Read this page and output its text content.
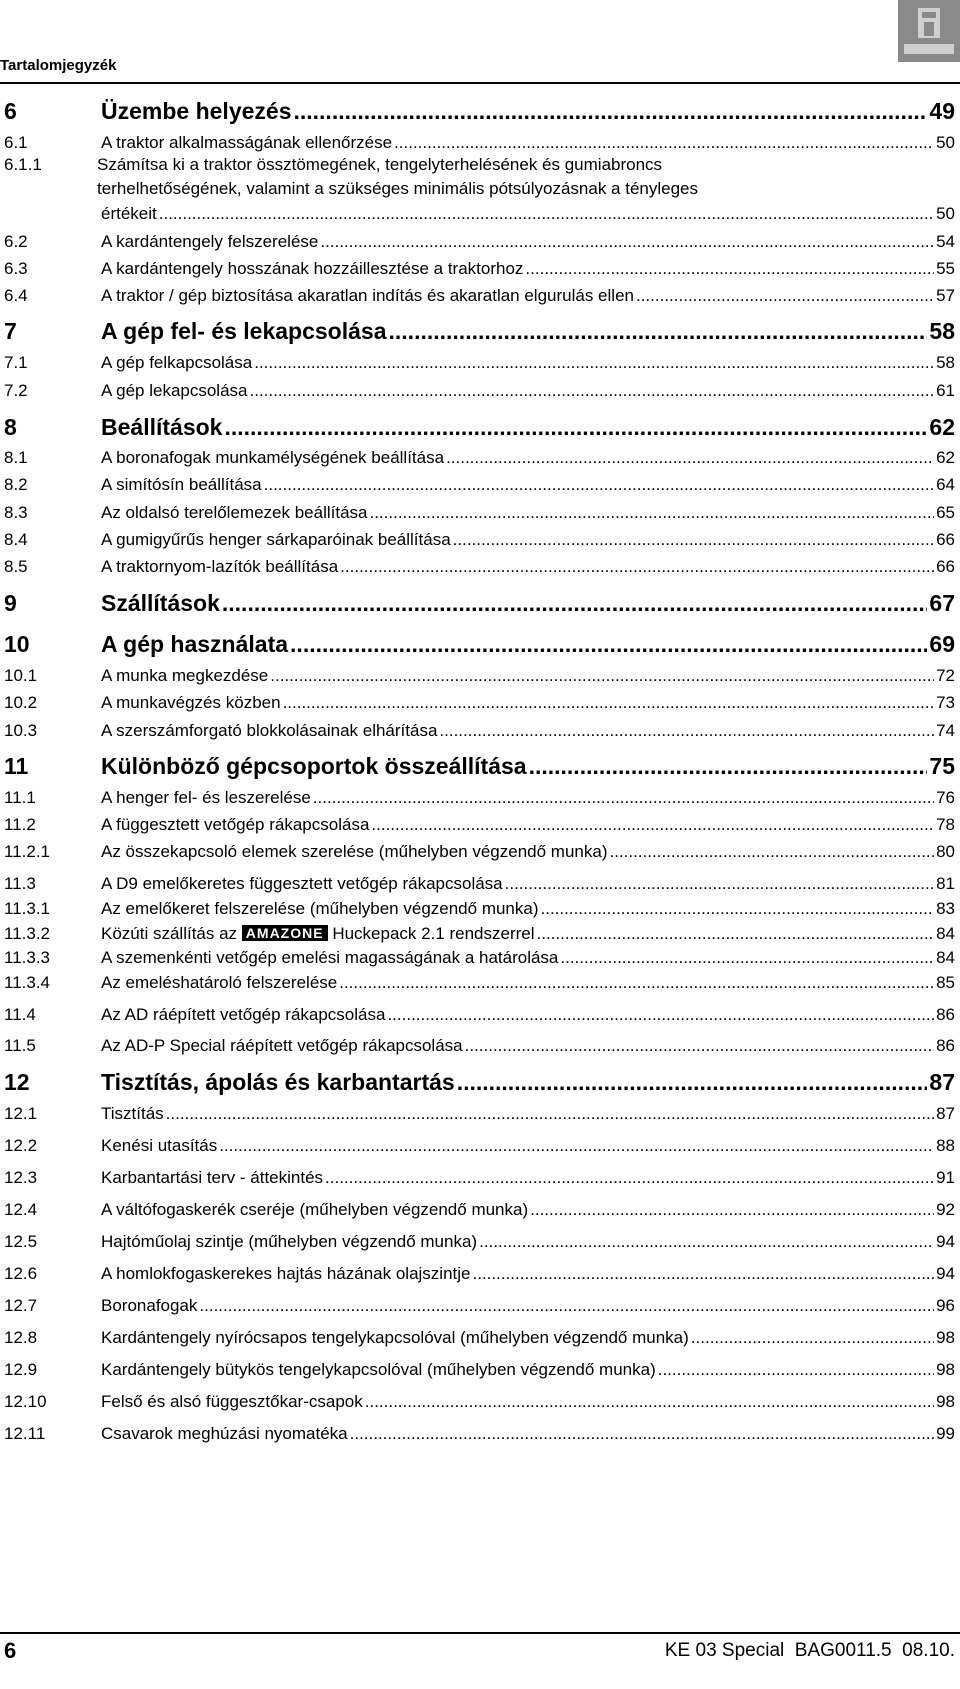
Tartalomjegyzék
6	Üzembe helyezés .....	49
6.1	A traktor alkalmasságának ellenőrzése .....	50
6.1.1	Számítsa ki a traktor össztömegének, tengelyterhelésének és gumiabroncs
terhelhetőségének, valamint a szükséges minimális pótsúlyozásnak a tényleges
értékeit .....	50
6.2	A kardántengely felszerelése .....	54
6.3	A kardántengely hosszának hozzáillesztése a traktorhoz .....	55
6.4	A traktor / gép biztosítása akaratlan indítás és akaratlan elgurulás ellen .....	57
7	A gép fel- és lekapcsolása .....	58
7.1	A gép felkapcsolása .....	58
7.2	A gép lekapcsolása .....	61
8	Beállítások .....	62
8.1	A boronafogak munkamélységének beállítása .....	62
8.2	A simítósín beállítása .....	64
8.3	Az oldalsó terelőlemezek beállítása .....	65
8.4	A gumigyűrűs henger sárkaparóinak beállítása .....	66
8.5	A traktornyom-lazítók beállítása .....	66
9	Szállítások .....	67
10	A gép használata .....	69
10.1	A munka megkezdése .....	72
10.2	A munkavégzés közben .....	73
10.3	A szerszámforgató blokkolásainak elhárítása .....	74
11	Különböző gépcsoportok összeállítása .....	75
11.1	A henger fel- és leszerelése .....	76
11.2	A függesztett vetőgép rákapcsolása .....	78
11.2.1	Az összekapcsoló elemek szerelése (műhelyben végzendő munka) .....	80
11.3	A D9 emelőkeretes függesztett vetőgép rákapcsolása .....	81
11.3.1	Az emelőkeret felszerelése (műhelyben végzendő munka) .....	83
11.3.2	Közúti szállítás az AMAZONE Huckepack 2.1 rendszerrel .....	84
11.3.3	A szemenkénti vetőgép emelési magasságának a határolása .....	84
11.3.4	Az emeléshatároló felszerelése .....	85
11.4	Az AD ráépített vetőgép rákapcsolása .....	86
11.5	Az AD-P Special ráépített vetőgép rákapcsolása .....	86
12	Tisztítás, ápolás és karbantartás .....	87
12.1	Tisztítás .....	87
12.2	Kenési utasítás .....	88
12.3	Karbantartási terv - áttekintés .....	91
12.4	A váltófogaskerék cseréje (műhelyben végzendő munka) .....	92
12.5	Hajtóműolaj szintje (műhelyben végzendő munka) .....	94
12.6	A homlokfogaskerekes hajtás házának olajszintje .....	94
12.7	Boronafogak .....	96
12.8	Kardántengely nyírócsapos tengelykapcsolóval (műhelyben végzendő munka) .....	98
12.9	Kardántengely bütykös tengelykapcsolóval (műhelyben végzendő munka) .....	98
12.10	Felső és alsó függesztőkar-csapok .....	98
12.11	Csavarok meghúzási nyomatéka .....	99
6	KE 03 Special  BAG0011.5  08.10.
